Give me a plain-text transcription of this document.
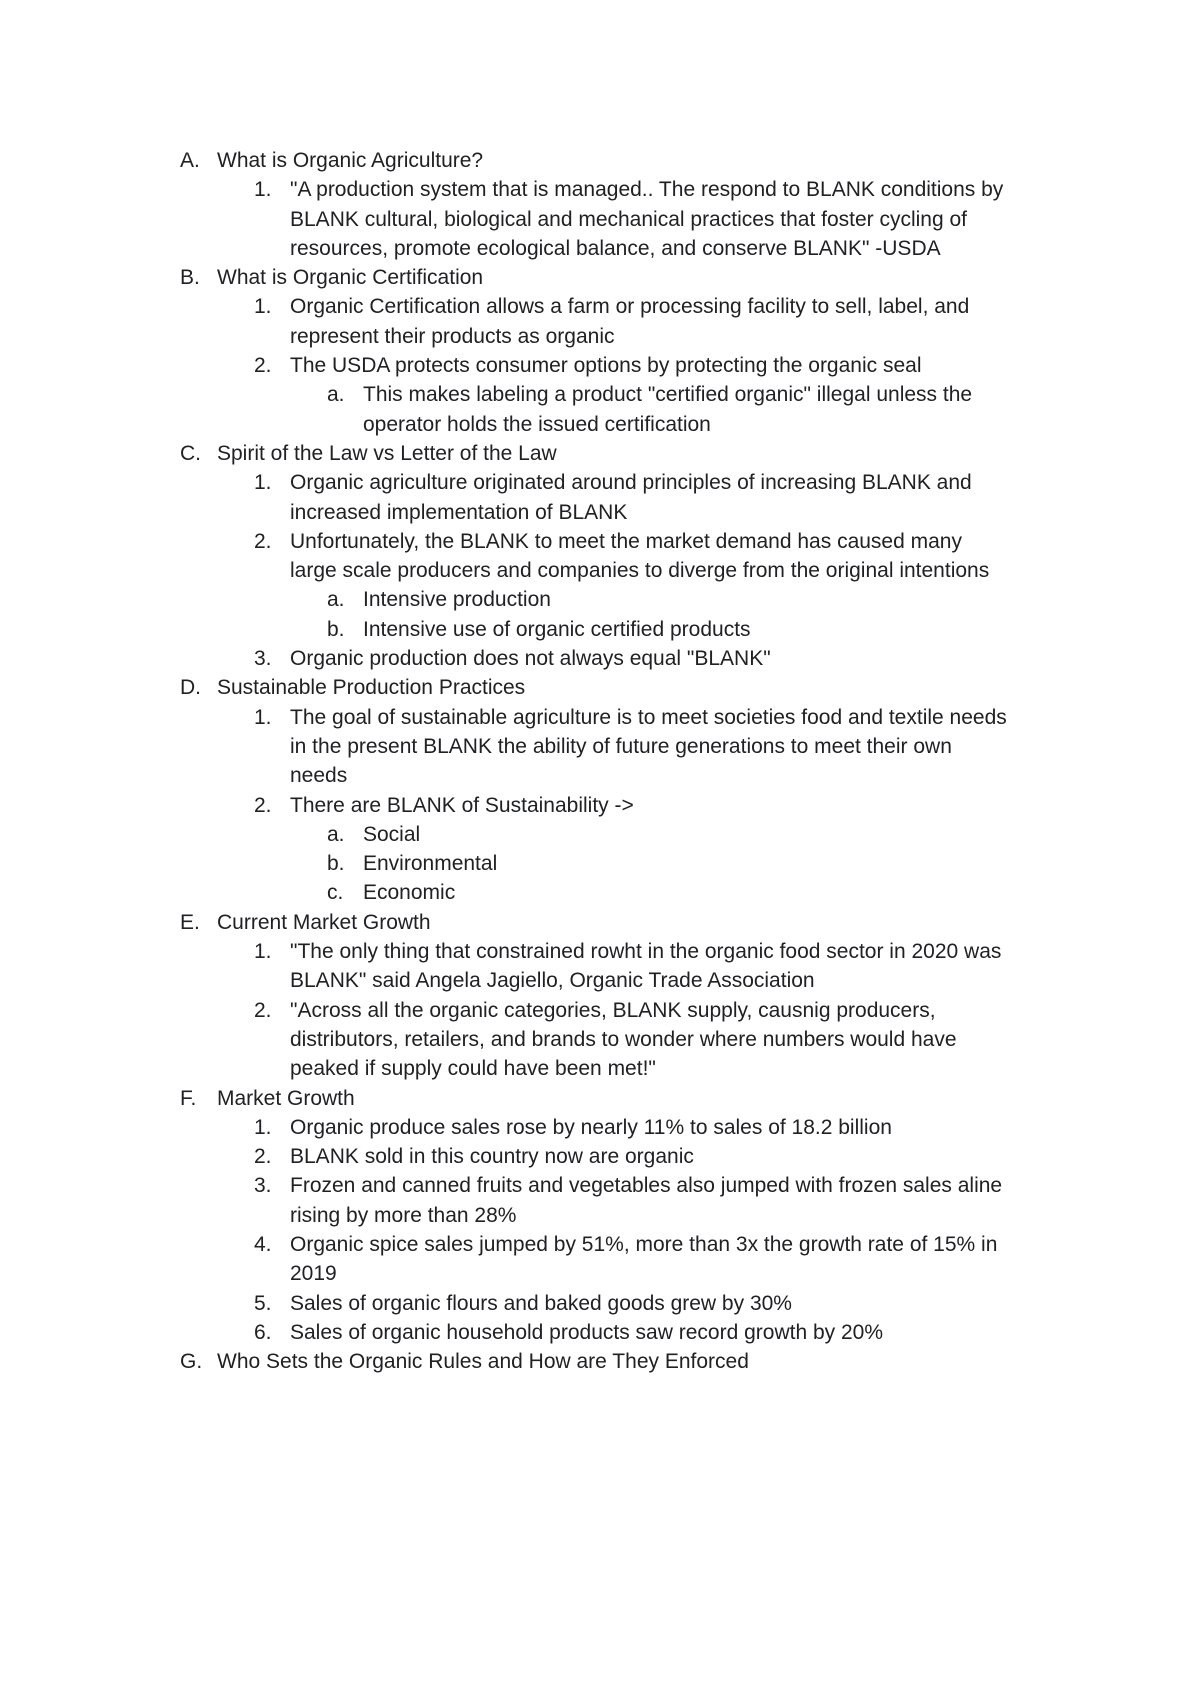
A. What is Organic Agriculture?
1. "A production system that is managed.. The respond to BLANK conditions by
BLANK cultural, biological and mechanical practices that foster cycling of
resources, promote ecological balance, and conserve BLANK" -USDA
B. What is Organic Certification
1. Organic Certification allows a farm or processing facility to sell, label, and
represent their products as organic
2. The USDA protects consumer options by protecting the organic seal
a. This makes labeling a product "certified organic" illegal unless the
operator holds the issued certification
C. Spirit of the Law vs Letter of the Law
1. Organic agriculture originated around principles of increasing BLANK and
increased implementation of BLANK
2. Unfortunately, the BLANK to meet the market demand has caused many
large scale producers and companies to diverge from the original intentions
a. Intensive production
b. Intensive use of organic certified products
3. Organic production does not always equal "BLANK"
D. Sustainable Production Practices
1. The goal of sustainable agriculture is to meet societies food and textile needs
in the present BLANK the ability of future generations to meet their own
needs
2. There are BLANK of Sustainability ->
a. Social
b. Environmental
c. Economic
E. Current Market Growth
1. "The only thing that constrained rowht in the organic food sector in 2020 was
BLANK" said Angela Jagiello, Organic Trade Association
2. "Across all the organic categories, BLANK supply, causnig producers,
distributors, retailers, and brands to wonder where numbers would have
peaked if supply could have been met!"
F. Market Growth
1. Organic produce sales rose by nearly 11% to sales of 18.2 billion
2. BLANK sold in this country now are organic
3. Frozen and canned fruits and vegetables also jumped with frozen sales aline
rising by more than 28%
4. Organic spice sales jumped by 51%, more than 3x the growth rate of 15% in
2019
5. Sales of organic flours and baked goods grew by 30%
6. Sales of organic household products saw record growth by 20%
G. Who Sets the Organic Rules and How are They Enforced
